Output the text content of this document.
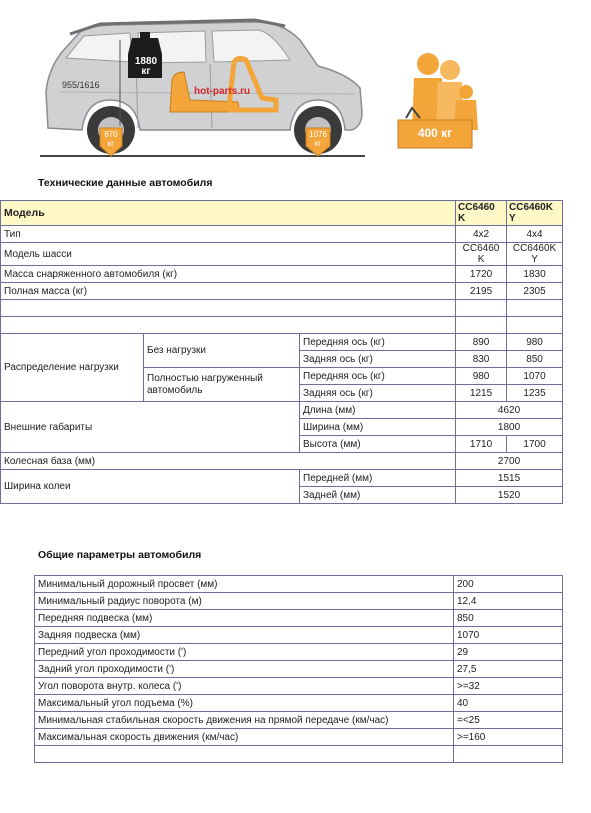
1880
кг
955/1616
hot-parts.ru
870
кг
1076
кг
400 кг
Технические данные автомобиля
Модель			CC6460 K	CC6460K Y
Тип			4x2	4x4
Модель шасси			CC6460 K	CC6460K Y
Масса снаряженного автомобиля (кг)			1720	1830
Полная масса (кг)			2195	2305

Распределение нагрузки	Без нагрузки	Передняя ось (кг)	890	980
		Задняя ось (кг)	830	850
	Полностью нагруженный автомобиль	Передняя ось (кг)	980	1070
		Задняя ось (кг)	1215	1235
Внешние габариты		Длина (мм)	4620	
		Ширина (мм)	1800	
		Высота (мм)	1710	1700
Колесная база (мм)			2700	
Ширина колеи		Передней (мм)	1515	
		Задней (мм)	1520	
Общие параметры автомобиля
Минимальный дорожный просвет (мм)	200
Минимальный радиус поворота (м)	12,4
Передняя подвеска (мм)	850
Задняя подвеска (мм)	1070
Передний угол проходимости (')	29
Задний угол проходимости (')	27,5
Угол поворота внутр. колеса (')	>=32
Максимальный угол подъема (%)	40
Минимальная стабильная скорость движения на прямой передаче (км/час)	=<25
Максимальная скорость движения (км/час)	>=160
